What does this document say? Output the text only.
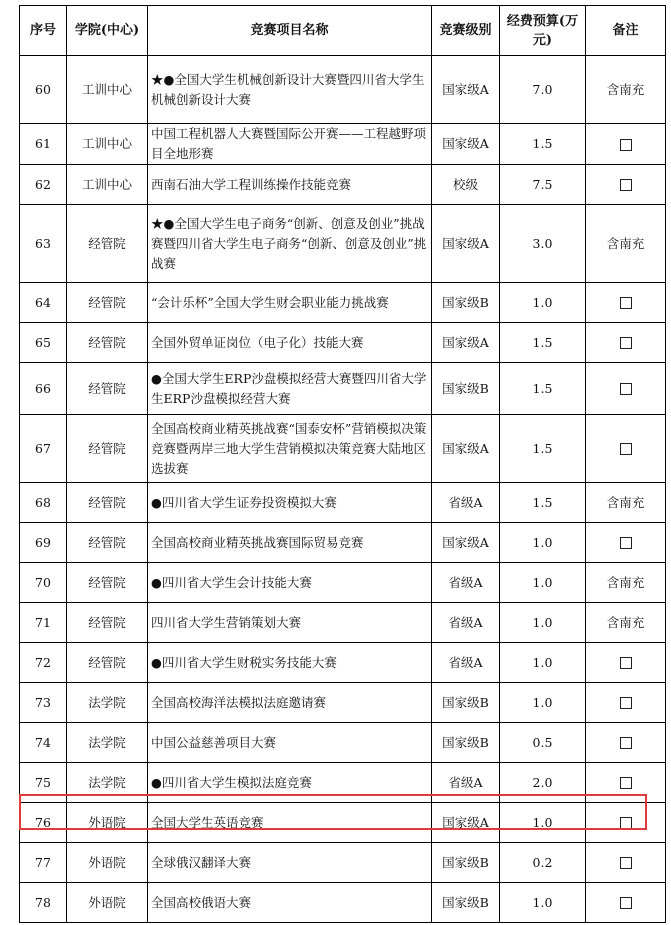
序号	学院(中心)	竞赛项目名称	竞赛级别	经费预算(万元)	备注
60	工训中心	★●全国大学生机械创新设计大赛暨四川省大学生机械创新设计大赛	国家级A	7.0	含南充
61	工训中心	中国工程机器人大赛暨国际公开赛——工程越野项目全地形赛	国家级A	1.5	
62	工训中心	西南石油大学工程训练操作技能竞赛	校级	7.5	
63	经管院	★●全国大学生电子商务“创新、创意及创业”挑战赛暨四川省大学生电子商务“创新、创意及创业”挑战赛	国家级A	3.0	含南充
64	经管院	“会计乐杯”全国大学生财会职业能力挑战赛	国家级B	1.0	
65	经管院	全国外贸单证岗位（电子化）技能大赛	国家级A	1.5	
66	经管院	●全国大学生ERP沙盘模拟经营大赛暨四川省大学生ERP沙盘模拟经营大赛	国家级B	1.5	
67	经管院	全国高校商业精英挑战赛“国泰安杯”营销模拟决策竞赛暨两岸三地大学生营销模拟决策竞赛大陆地区选拔赛	国家级A	1.5	
68	经管院	●四川省大学生证券投资模拟大赛	省级A	1.5	含南充
69	经管院	全国高校商业精英挑战赛国际贸易竞赛	国家级A	1.0	
70	经管院	●四川省大学生会计技能大赛	省级A	1.0	含南充
71	经管院	四川省大学生营销策划大赛	省级A	1.0	含南充
72	经管院	●四川省大学生财税实务技能大赛	省级A	1.0	
73	法学院	全国高校海洋法模拟法庭邀请赛	国家级B	1.0	
74	法学院	中国公益慈善项目大赛	国家级B	0.5	
75	法学院	●四川省大学生模拟法庭竞赛	省级A	2.0	
76	外语院	全国大学生英语竞赛	国家级A	1.0	
77	外语院	全球俄汉翻译大赛	国家级B	0.2	
78	外语院	全国高校俄语大赛	国家级B	1.0	
